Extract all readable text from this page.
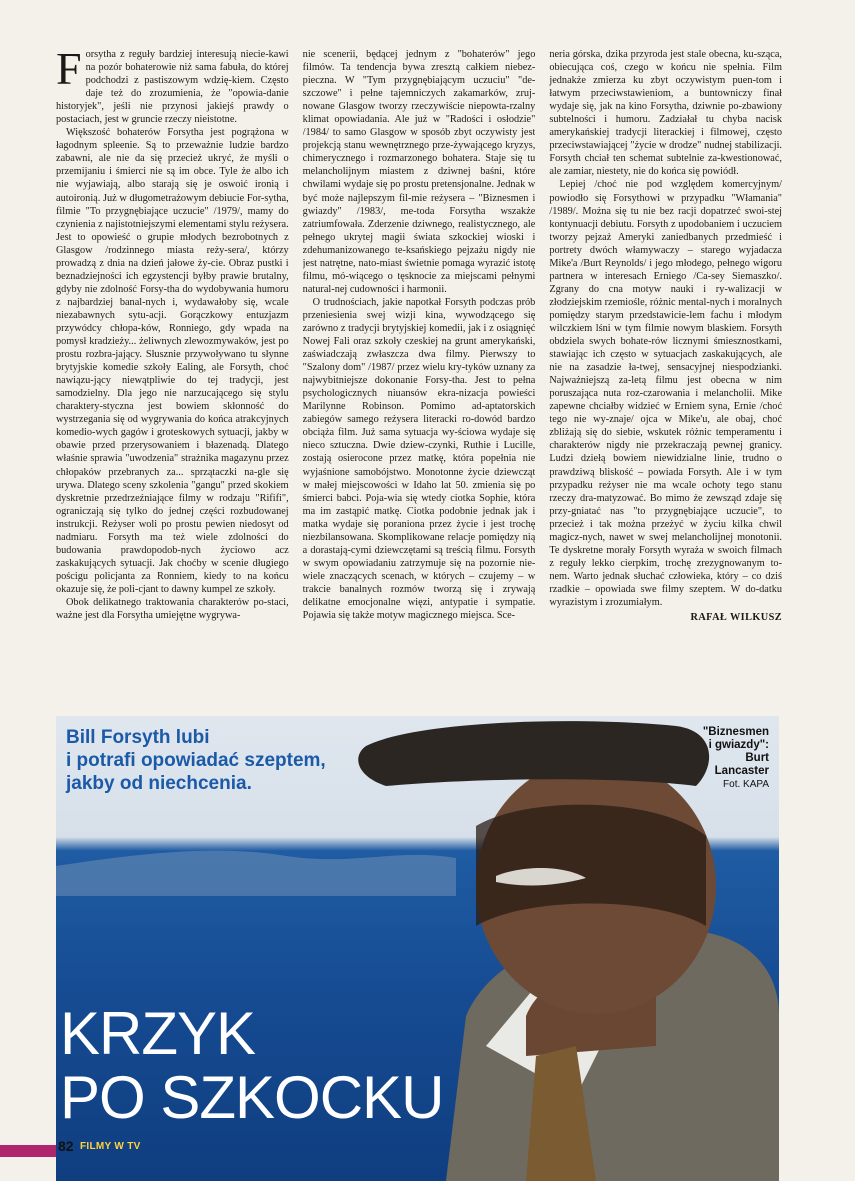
Forsytha z reguły bardziej interesują niecie-kawi na pozór bohaterowie niż sama fabuła, do której podchodzi z pastiszowym wdzię-kiem. Często daje też do zrozumienia, że "opowia-danie historyjek", jeśli nie przynosi jakiejś prawdy o postaciach, jest w gruncie rzeczy nieistotne.

Większość bohaterów Forsytha jest pogrążona w łagodnym spleenie. Są to przeważnie ludzie bardzo zabawni, ale nie da się przecież ukryć, że myśli o przemijaniu i śmierci nie są im obce. Tyle że albo ich nie wyjawiają, albo starają się je oswoić ironią i autoironią. Już w długometrażowym debiucie For-sytha, filmie "To przygnębiające uczucie" /1979/, mamy do czynienia z najistotniejszymi elementami stylu reżysera. Jest to opowieść o grupie młodych bezrobotnych z Glasgow /rodzinnego miasta reży-sera/, którzy prowadzą z dnia na dzień jałowe ży-cie. Obraz pustki i beznadziejności ich egzystencji byłby prawie brutalny, gdyby nie zdolność Forsy-tha do wydobywania humoru z najbardziej banal-nych i, wydawałoby się, wcale niezabawnych sytu-acji. Gorączkowy entuzjazm przywódcy chłopa-ków, Ronniego, gdy wpada na pomysł kradzieży... żeliwnych zlewozmywaków, jest po prostu rozbra-jający. Słusznie przywoływano tu słynne brytyjskie komedie szkoły Ealing, ale Forsyth, choć nawiązu-jący niewątpliwie do tej tradycji, jest samodzielny. Dla jego nie narzucającego się stylu charaktery-styczna jest bowiem skłonność do wystrzegania się od wygrywania do końca atrakcyjnych komedio-wych gagów i groteskowych sytuacji, jakby w obawie przed przerysowaniem i błazenadą. Dlatego właśnie sprawia "uwodzenia" strażnika magazynu przez chłopaków przebranych za... sprzątaczki na-gle się urywa. Dlatego sceny szkolenia "gangu" przed skokiem dyskretnie przedrzeźniające filmy w rodzaju "Rififi", ograniczają się tylko do jednej części rozbudowanej instrukcji. Reżyser woli po prostu pewien niedosyt od nadmiaru. Forsyth ma też wiele zdolności do budowania prawdopodob-nych życiowo acz zaskakujących sytuacji. Jak choćby w scenie długiego pościgu policjanta za Ronniem, kiedy to na końcu okazuje się, że poli-cjant to dawny kumpel ze szkoły.

Obok delikatnego traktowania charakterów po-staci, ważne jest dla Forsytha umiejętne wygrywa-

nie scenerii, będącej jednym z "bohaterów" jego filmów. Ta tendencja bywa zresztą całkiem niebez-pieczna. W "Tym przygnębiającym uczuciu" "de-szczowe" i pełne tajemniczych zakamarków, zruj-nowane Glasgow tworzy rzeczywiście niepowta-rzalny klimat opowiadania. Ale już w "Radości i osłodzie" /1984/ to samo Glasgow w sposób zbyt oczywisty jest projekcją stanu wewnętrznego prze-żywającego kryzys, chimerycznego i rozmarzonego bohatera. Staje się tu melancholijnym miastem z dziwnej baśni, które chwilami wydaje się po prostu pretensjonalne. Jednak w być może najlepszym fil-mie reżysera – "Biznesmen i gwiazdy" /1983/, me-toda Forsytha wszakże zatriumfowała. Zderzenie dziwnego, realistycznego, ale pełnego ukrytej magii świata szkockiej wioski i zdehumanizowanego te-ksańskiego pejzażu nigdy nie jest natrętne, nato-miast świetnie pomaga wyrazić istotę filmu, mó-wiącego o tęsknocie za miejscami pełnymi natural-nej cudowności i harmonii.

O trudnościach, jakie napotkał Forsyth podczas prób przeniesienia swej wizji kina, wywodzącego się zarówno z tradycji brytyjskiej komedii, jak i z osiągnięć Nowej Fali oraz szkoły czeskiej na grunt amerykański, zaświadczają zwłaszcza dwa filmy. Pierwszy to "Szalony dom" /1987/ przez wielu kry-tyków uznany za najwybitniejsze dokonanie Forsy-tha. Jest to pełna psychologicznych niuansów ekra-nizacja powieści Marilynne Robinson. Pomimo ad-aptatorskich zabiegów samego reżysera literacki ro-dowód bardzo obciąża film. Już sama sytuacja wy-ściowa wydaje się nieco sztuczna. Dwie dziew-czynki, Ruthie i Lucille, zostają osierocone przez matkę, która popełnia nie wyjaśnione samobójstwo. Monotonne życie dziewcząt w małej miejscowości w Idaho lat 50. zmienia się po śmierci babci. Poja-wia się wtedy ciotka Sophie, która ma im zastąpić matkę. Ciotka podobnie jednak jak i matka wydaje się poraniona przez życie i jest trochę niezbilansowana. Skomplikowane relacje pomiędzy nią a dorastają-cymi dziewczętami są treścią filmu. Forsyth w swym opowiadaniu zatrzymuje się na pozornie nie-wiele znaczących scenach, w których – czujemy – w trakcie banalnych rozmów tworzą się i zrywają delikatne emocjonalne więzi, antypatie i sympatie. Pojawia się także motyw magicznego miejsca. Sce-

neria górska, dzika przyroda jest stale obecna, ku-sząca, obiecująca coś, czego w końcu nie spełnia. Film jednakże zmierza ku zbyt oczywistym puen-tom i łatwym przeciwstawieniom, a buntowniczy finał wydaje się, jak na kino Forsytha, dziwnie po-zbawiony subtelności i humoru. Zadziałał tu chyba nacisk amerykańskiej tradycji literackiej i filmowej, często przeciwstawiającej "życie w drodze" nudnej stabilizacji. Forsyth chciał ten schemat subtelnie za-kwestionować, ale zamiar, niestety, nie do końca się powiódł.

Lepiej /choć nie pod względem komercyjnym/ powiodło się Forsythowi w przypadku "Włamania" /1989/. Można się tu nie bez racji dopatrzeć swoi-stej kontynuacji debiutu. Forsyth z upodobaniem i uczuciem tworzy pejzaż Ameryki zaniedbanych przedmieść i portrety dwóch włamywaczy – starego wyjadacza Mike'a /Burt Reynolds/ i jego młodego, pełnego wigoru partnera w interesach Erniego /Ca-sey Siemaszko/. Zgrany do cna motyw nauki i ry-walizacji w złodziejskim rzemiośle, różnic mental-nych i moralnych pomiędzy starym przedstawicie-lem fachu i młodym wilczkiem lśni w tym filmie nowym blaskiem. Forsyth obdziela swych bohate-rów licznymi śmiesznostkami, stawiając ich często w sytuacjach zaskakujących, ale nie na zasadzie ła-twej, sensacyjnej niespodzianki. Najważniejszą za-letą filmu jest obecna w nim poruszająca nuta roz-czarowania i melancholii. Mike zapewne chciałby widzieć w Erniem syna, Ernie /choć tego nie wy-znaje/ ojca w Mike'u, ale obaj, choć zbliżają się do siebie, wskutek różnic temperamentu i charakterów nigdy nie przekraczają pewnej granicy. Ludzi dziełą bowiem niewidzialne linie, trudno o prawdziwą bliskość – powiada Forsyth. Ale i w tym przypadku reżyser nie ma wcale ochoty tego stanu rzeczy dra-matyzować. Bo mimo że zewsząd zdaje się przy-gniatać nas "to przygnębiające uczucie", to przecież i tak można przeżyć w życiu kilka chwil magicz-nych, nawet w swej melancholijnej monotonii. Te dyskretne morały Forsyth wyraża w swoich filmach z reguły lekko cierpkim, trochę zrezygnowanym to-nem. Warto jednak słuchać człowieka, który – co dziś rzadkie – opowiada swe filmy szeptem. W do-datku wyrazistym i zrozumiałym.

RAFAŁ WILKUSZ
Bill Forsyth lubi
i potrafi opowiadać szeptem,
jakby od niechcenia.
"Biznesmen
i gwiazdy":
Burt
Lancaster
Fot. KAPA
KRZYK
PO SZKOCKU
82 FILMY W TV
